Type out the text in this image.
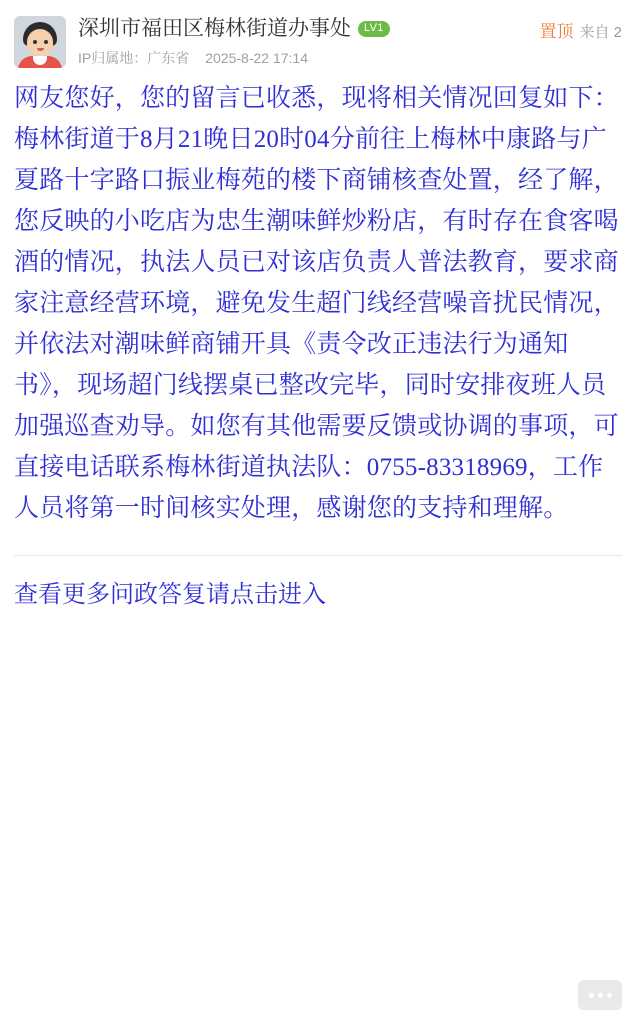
深圳市福田区梅林街道办事处	LV1	置顶 来自 2
IP归属地：广东省 2025-8-22 17:14

网友您好，您的留言已收悉，现将相关情况回复如下：

梅林街道于8月21晚日20时04分前往上梅林中康路与广夏路十字路口振业梅苑的楼下商铺核查处置，经了解，您反映的小吃店为忠生潮味鲜炒粉店，有时存在食客喝酒的情况，执法人员已对该店负责人普法教育，要求商家注意经营环境，避免发生超门线经营噪音扰民情况，并依法对潮味鲜商铺开具《责令改正违法行为通知书》，现场超门线摆桌已整改完毕，同时安排夜班人员加强巡查劝导。如您有其他需要反馈或协调的事项，可直接电话联系梅林街道执法队：0755-83318969，工作人员将第一时间核实处理，感谢您的支持和理解。

查看更多问政答复请点击进入
